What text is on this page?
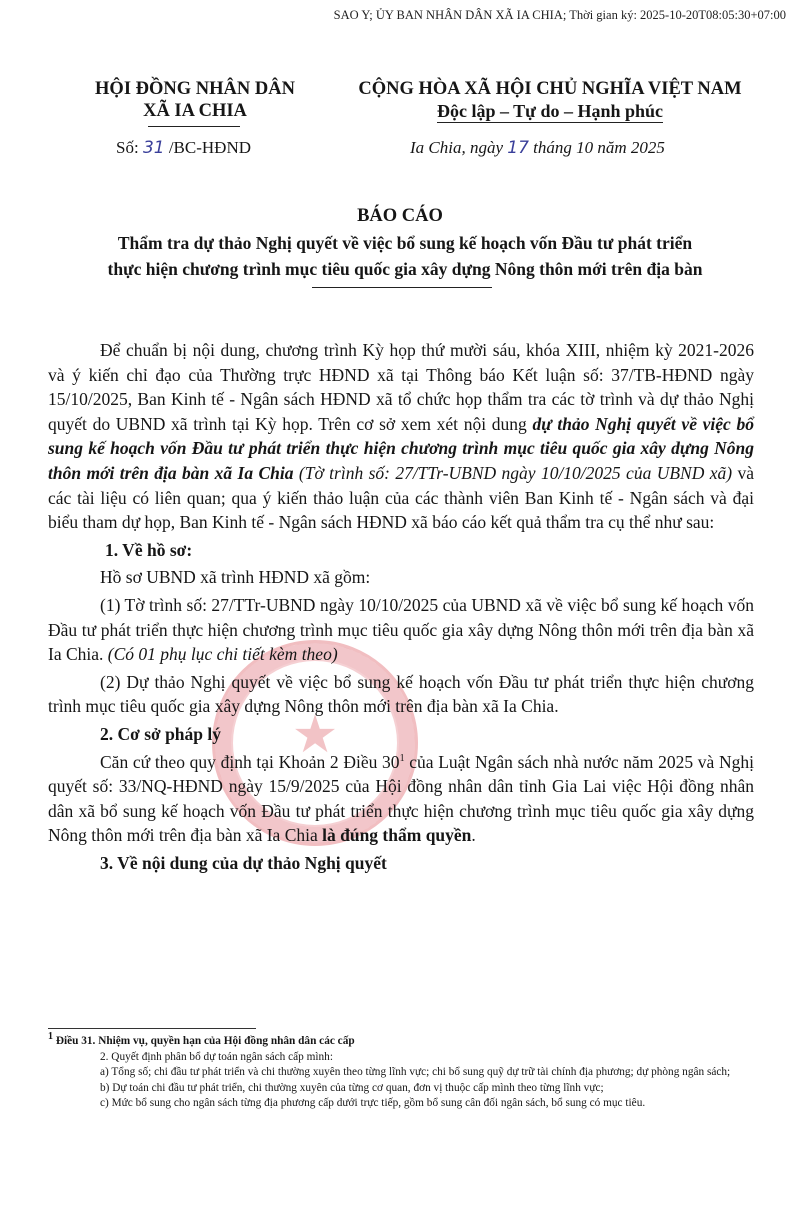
SAO Y; ỦY BAN NHÂN DÂN XÃ IA CHIA; Thời gian ký: 2025-10-20T08:05:30+07:00
HỘI ĐỒNG NHÂN DÂN
XÃ IA CHIA
CỘNG HÒA XÃ HỘI CHỦ NGHĨA VIỆT NAM
Độc lập – Tự do – Hạnh phúc
Số: 31 /BC-HĐND	Ia Chia, ngày 17 tháng 10 năm 2025
BÁO CÁO
Thẩm tra dự thảo Nghị quyết về việc bổ sung kế hoạch vốn Đầu tư phát triển
thực hiện chương trình mục tiêu quốc gia xây dựng Nông thôn mới trên địa bàn
★

Để chuẩn bị nội dung, chương trình Kỳ họp thứ mười sáu, khóa XIII, nhiệm kỳ 2021-2026 và ý kiến chỉ đạo của Thường trực HĐND xã tại Thông báo Kết luận số: 37/TB-HĐND ngày 15/10/2025, Ban Kinh tế - Ngân sách HĐND xã tổ chức họp thẩm tra các tờ trình và dự thảo Nghị quyết do UBND xã trình tại Kỳ họp. Trên cơ sở xem xét nội dung dự thảo Nghị quyết về việc bổ sung kế hoạch vốn Đầu tư phát triển thực hiện chương trình mục tiêu quốc gia xây dựng Nông thôn mới trên địa bàn xã Ia Chia (Tờ trình số: 27/TTr-UBND ngày 10/10/2025 của UBND xã) và các tài liệu có liên quan; qua ý kiến thảo luận của các thành viên Ban Kinh tế - Ngân sách và đại biểu tham dự họp, Ban Kinh tế - Ngân sách HĐND xã báo cáo kết quả thẩm tra cụ thể như sau:

1. Về hồ sơ:

Hồ sơ UBND xã trình HĐND xã gồm:

(1) Tờ trình số: 27/TTr-UBND ngày 10/10/2025 của UBND xã về việc bổ sung kế hoạch vốn Đầu tư phát triển thực hiện chương trình mục tiêu quốc gia xây dựng Nông thôn mới trên địa bàn xã Ia Chia. (Có 01 phụ lục chi tiết kèm theo)

(2) Dự thảo Nghị quyết về việc bổ sung kế hoạch vốn Đầu tư phát triển thực hiện chương trình mục tiêu quốc gia xây dựng Nông thôn mới trên địa bàn xã Ia Chia.

2. Cơ sở pháp lý

Căn cứ theo quy định tại Khoản 2 Điều $30^1$ của Luật Ngân sách nhà nước năm 2025 và Nghị quyết số: 33/NQ-HĐND ngày 15/9/2025 của Hội đồng nhân dân tỉnh Gia Lai việc Hội đồng nhân dân xã bổ sung kế hoạch vốn Đầu tư phát triển thực hiện chương trình mục tiêu quốc gia xây dựng Nông thôn mới trên địa bàn xã Ia Chia là đúng thẩm quyền.

3. Về nội dung của dự thảo Nghị quyết

$^1$ Điều 31. Nhiệm vụ, quyền hạn của Hội đồng nhân dân các cấp

2. Quyết định phân bổ dự toán ngân sách cấp mình:

a) Tổng số; chi đầu tư phát triển và chi thường xuyên theo từng lĩnh vực; chi bổ sung quỹ dự trữ tài chính địa phương; dự phòng ngân sách;

b) Dự toán chi đầu tư phát triển, chi thường xuyên của từng cơ quan, đơn vị thuộc cấp mình theo từng lĩnh vực;

c) Mức bổ sung cho ngân sách từng địa phương cấp dưới trực tiếp, gồm bổ sung cân đối ngân sách, bổ sung có mục tiêu.
